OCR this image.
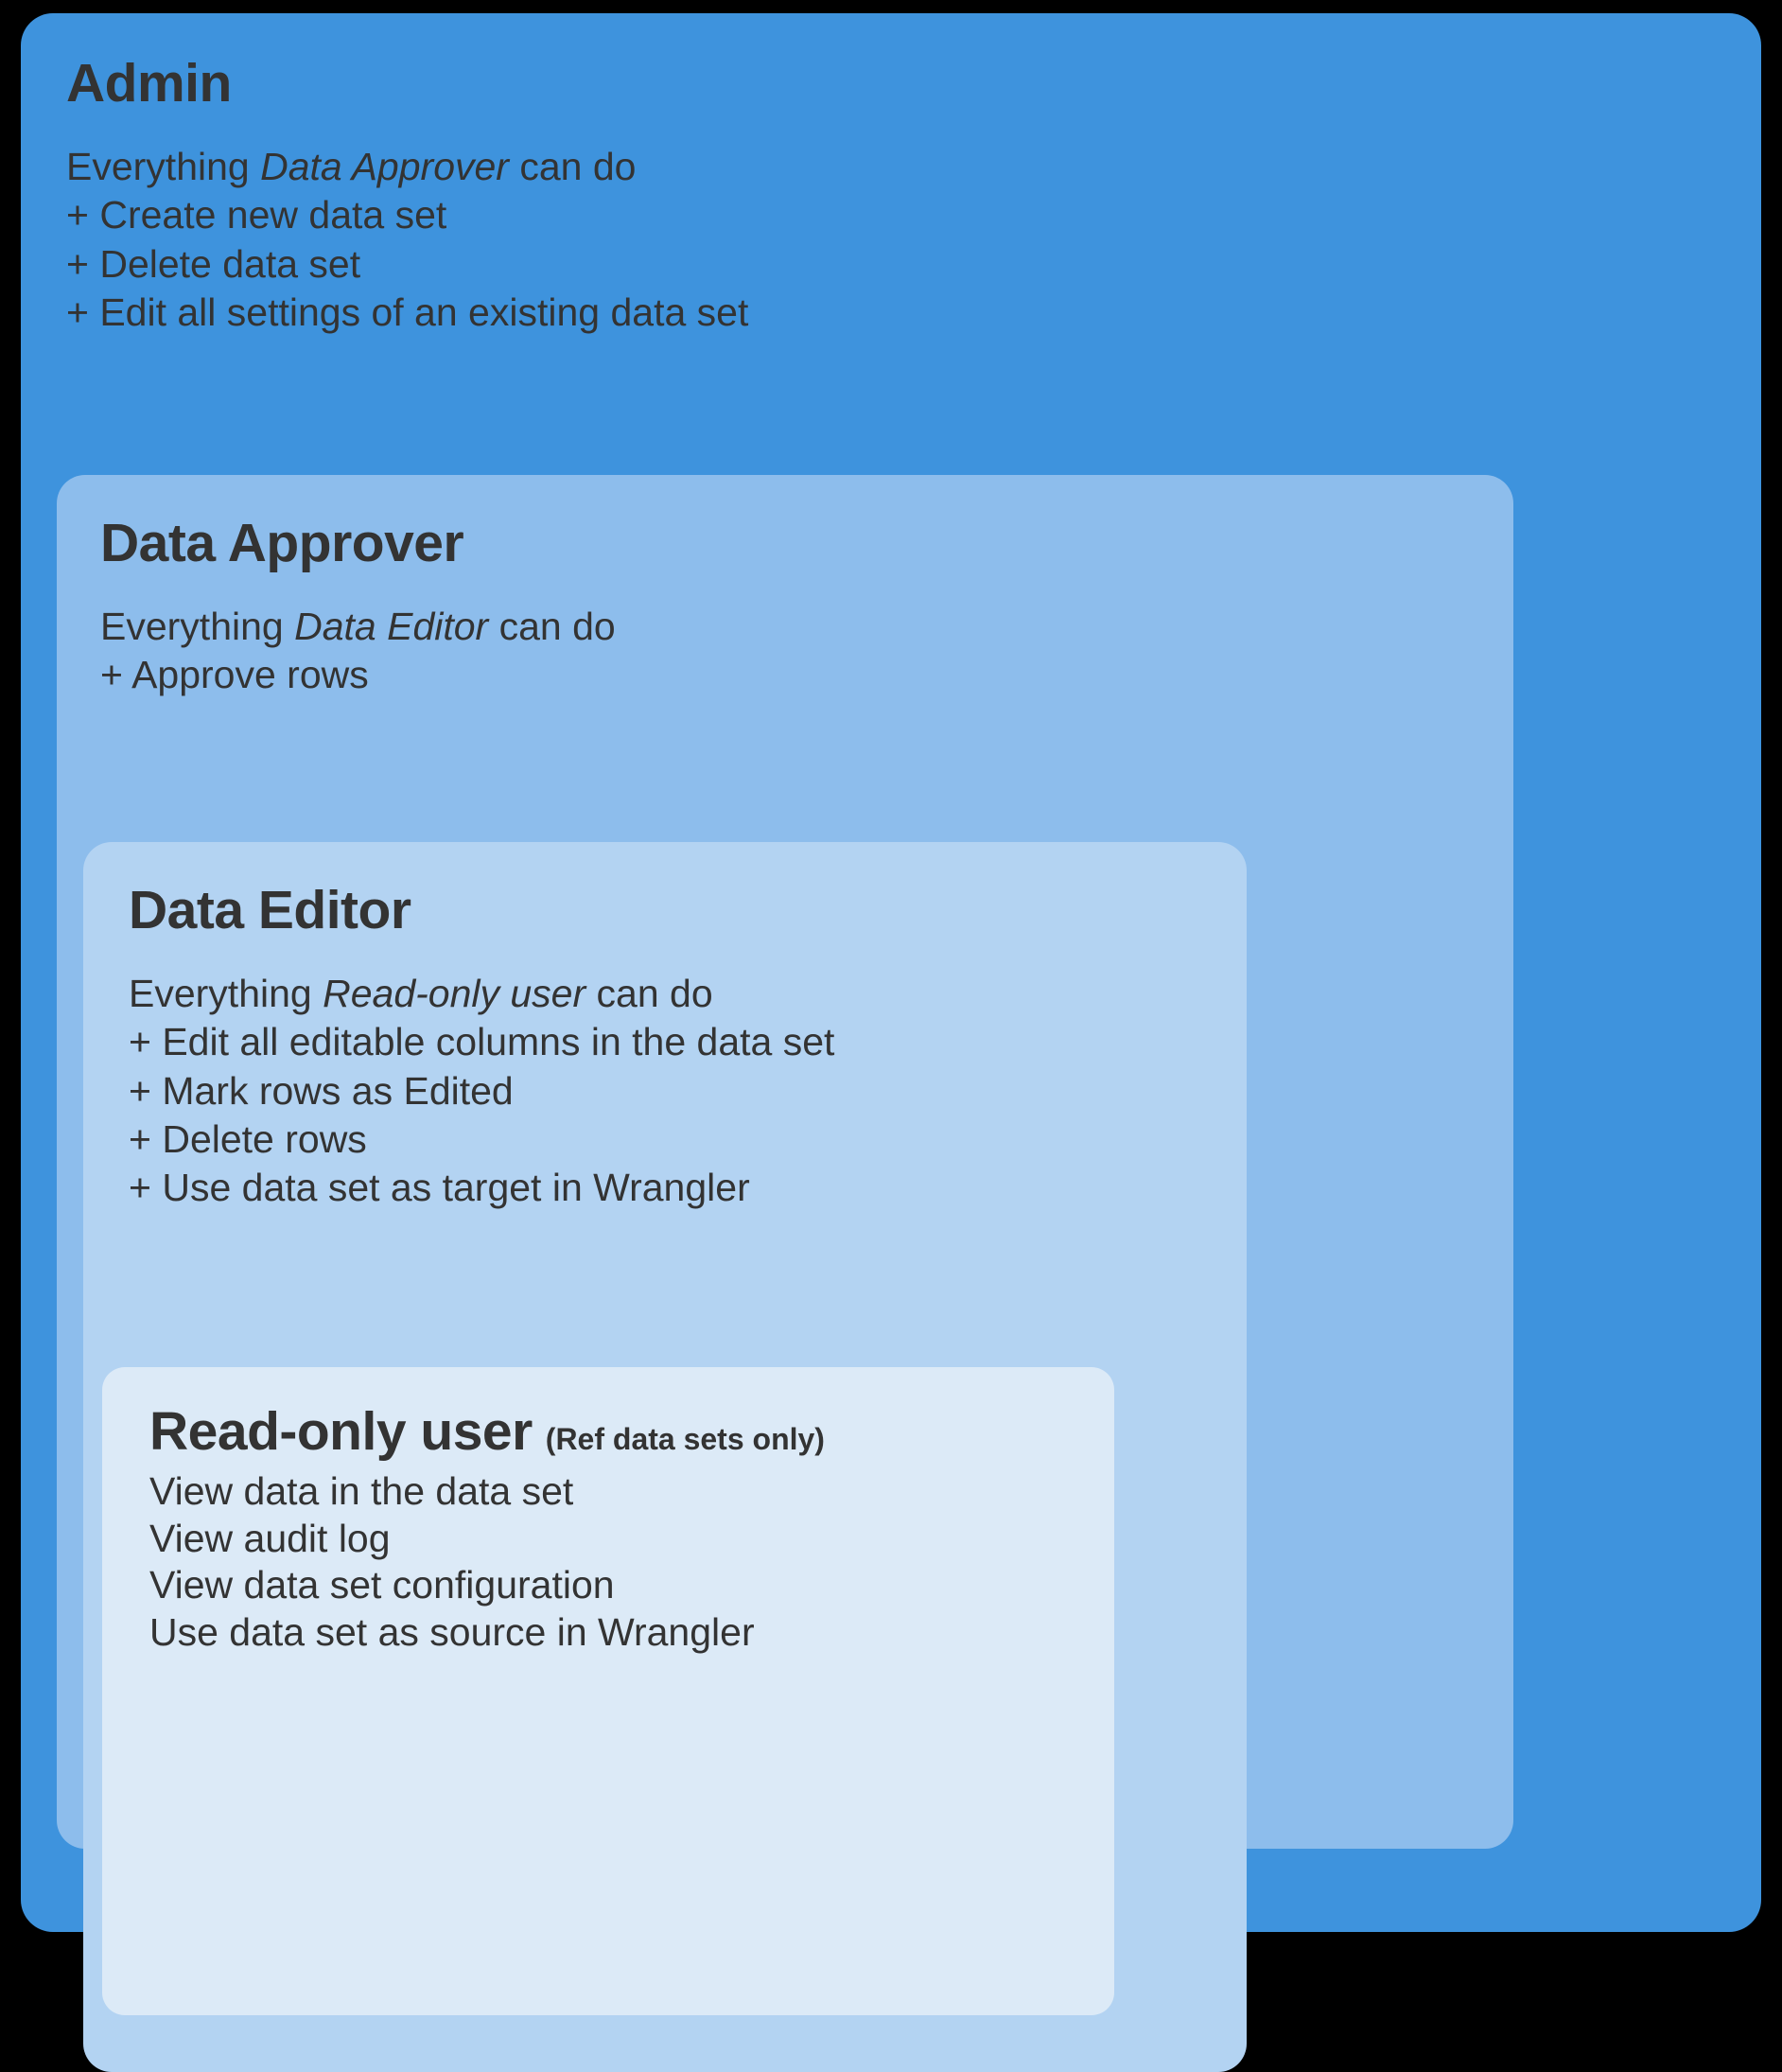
Admin
Everything Data Approver can do
+ Create new data set
+ Delete data set
+ Edit all settings of an existing data set
Data Approver
Everything Data Editor can do
+ Approve rows
Data Editor
Everything Read-only user can do
+ Edit all editable columns in the data set
+ Mark rows as Edited
+ Delete rows
+ Use data set as target in Wrangler
Read-only user (Ref data sets only)
View data in the data set
View audit log
View data set configuration
Use data set as source in Wrangler
